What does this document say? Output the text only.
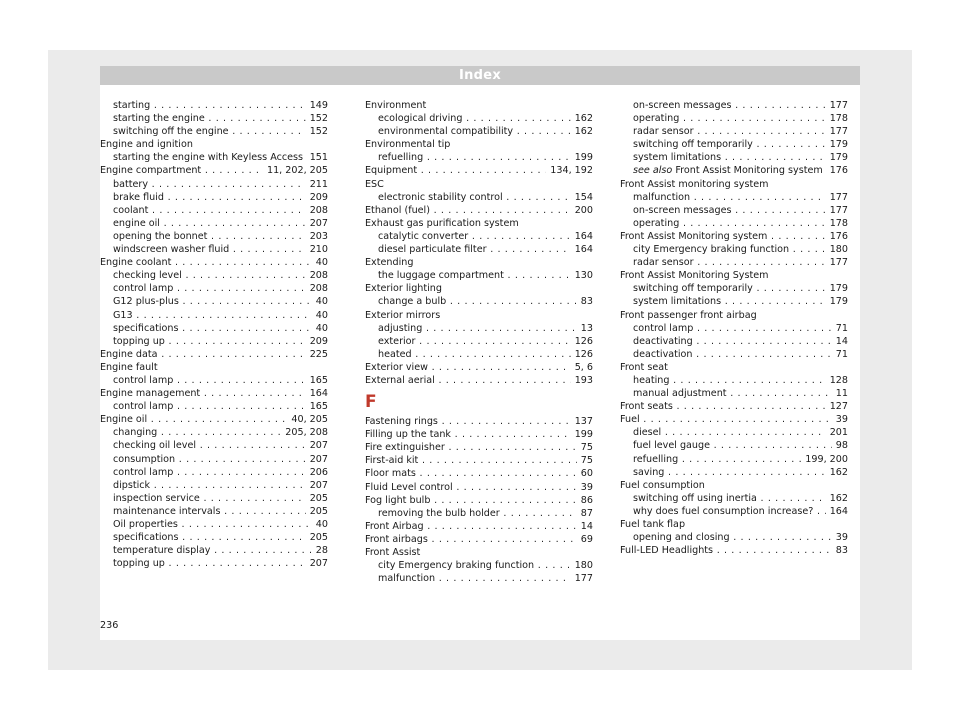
Index
starting . . .	149
starting the engine . . .	152
switching off the engine . . .	152
Engine and ignition
starting the engine with Keyless Access . . . 151
Engine compartment . . .	11, 202, 205
battery . . .	211
brake fluid . . .	209
coolant . . .	208
engine oil . . .	207
opening the bonnet . . .	203
windscreen washer fluid . . .	210
Engine coolant . . .	40
checking level . . .	208
control lamp . . .	208
G12 plus-plus . . .	40
G13 . . .	40
specifications . . .	40
topping up . . .	209
Engine data . . .	225
Engine fault
control lamp . . .	165
Engine management . . .	164
control lamp . . .	165
Engine oil . . .	40, 205
changing . . .	205, 208
checking oil level . . .	207
consumption . . .	207
control lamp . . .	206
dipstick . . .	207
inspection service . . .	205
maintenance intervals . . .	205
Oil properties . . .	40
specifications . . .	205
temperature display . . .	28
topping up . . .	207
Environment
ecological driving . . .	162
environmental compatibility . . .	162
Environmental tip
refuelling . . .	199
Equipment . . .	134, 192
ESC
electronic stability control . . .	154
Ethanol (fuel) . . .	200
Exhaust gas purification system
catalytic converter . . .	164
diesel particulate filter . . .	164
Extending
the luggage compartment . . .	130
Exterior lighting
change a bulb . . .	83
Exterior mirrors
adjusting . . .	13
exterior . . .	126
heated . . .	126
Exterior view . . .	5, 6
External aerial . . .	193
F
Fastening rings . . .	137
Filling up the tank . . .	199
Fire extinguisher . . .	75
First-aid kit . . .	75
Floor mats . . .	60
Fluid Level control . . .	39
Fog light bulb . . .	86
removing the bulb holder . . .	87
Front Airbag . . .	14
Front airbags . . .	69
Front Assist
city Emergency braking function . . .	180
malfunction . . .	177
on-screen messages . . .	177
operating . . .	178
radar sensor . . .	177
switching off temporarily . . .	179
system limitations . . .	179
see also Front Assist Monitoring system . . . 176
Front Assist monitoring system
malfunction . . .	177
on-screen messages . . .	177
operating . . .	178
Front Assist Monitoring system . . .	176
city Emergency braking function . . .	180
radar sensor . . .	177
Front Assist Monitoring System
switching off temporarily . . .	179
system limitations . . .	179
Front passenger front airbag
control lamp . . .	71
deactivating . . .	14
deactivation . . .	71
Front seat
heating . . .	128
manual adjustment . . .	11
Front seats . . .	127
Fuel . . .	39
diesel . . .	201
fuel level gauge . . .	98
refuelling . . .	199, 200
saving . . .	162
Fuel consumption
switching off using inertia . . .	162
why does fuel consumption increase? . . .	164
Fuel tank flap
opening and closing . . .	39
Full-LED Headlights . . .	83
236
